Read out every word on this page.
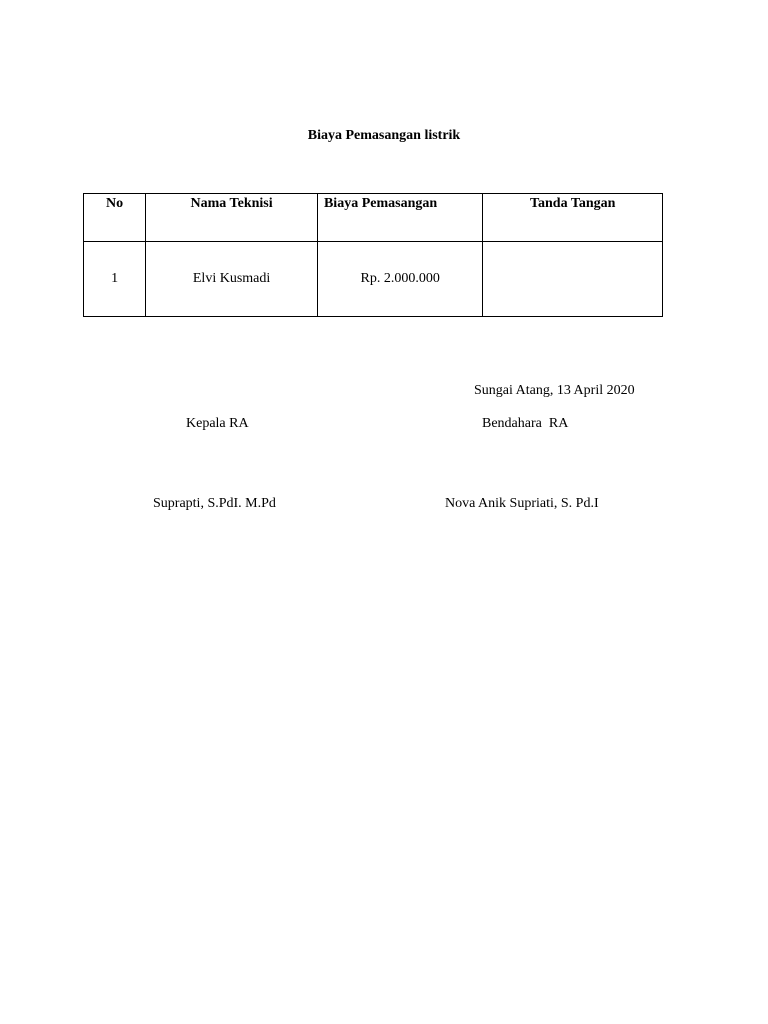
Biaya Pemasangan listrik
No	Nama Teknisi	Biaya Pemasangan	Tanda Tangan
1	Elvi Kusmadi	Rp. 2.000.000	
Sungai Atang, 13 April 2020
Kepala RA	Bendahara  RA
Suprapti, S.PdI. M.Pd	Nova Anik Supriati, S. Pd.I
